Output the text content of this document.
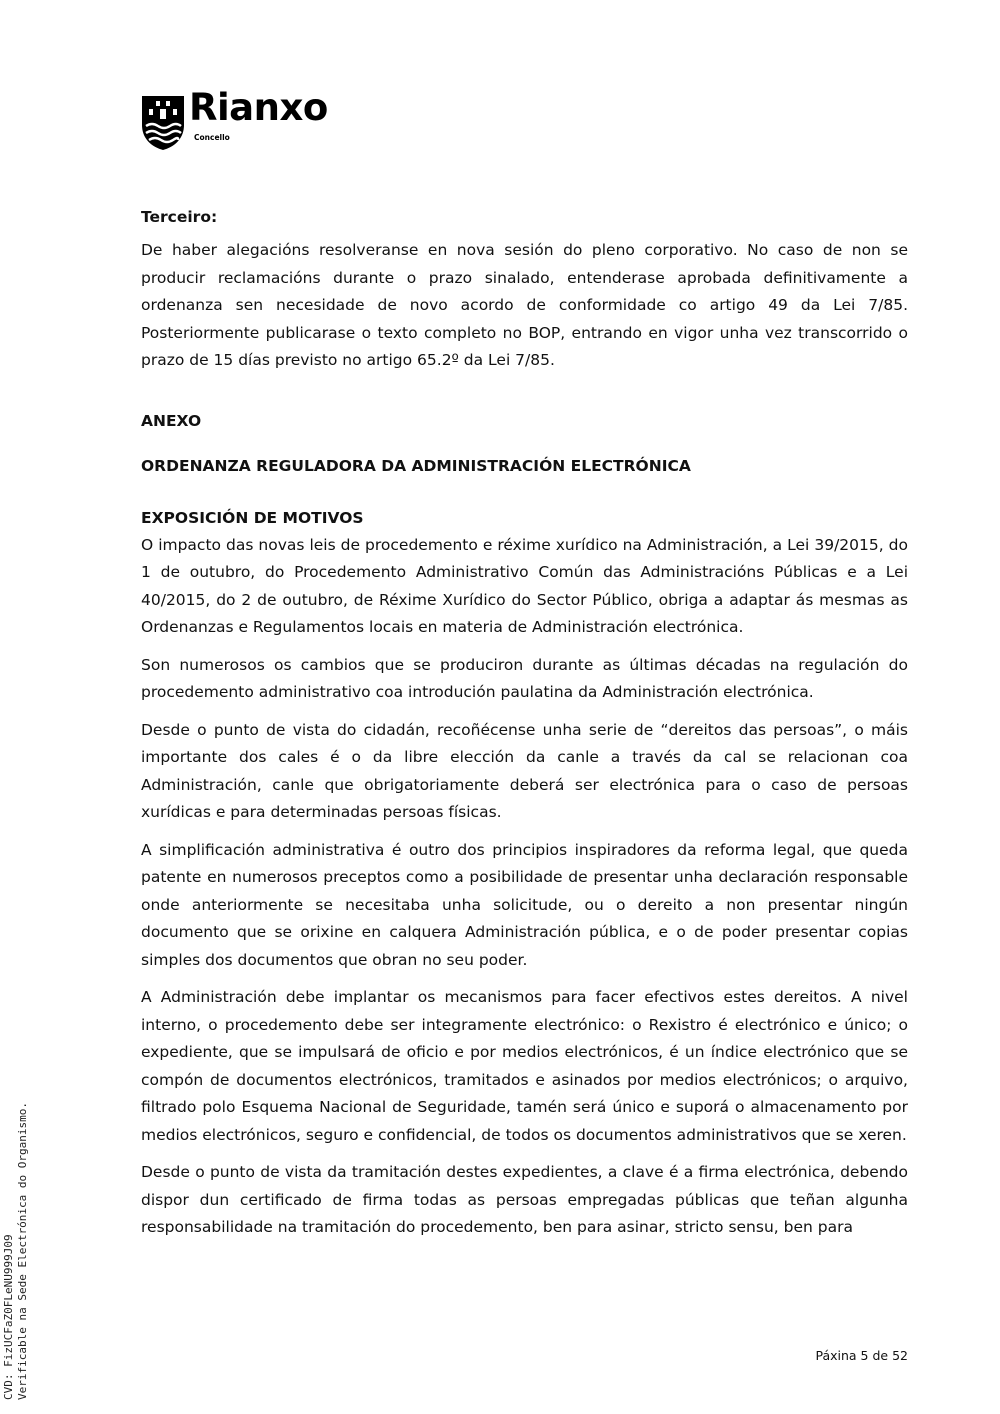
Rianxo
Concello

Terceiro:

De haber alegacións resolveranse en nova sesión do pleno corporativo. No caso de non se producir reclamacións durante o prazo sinalado, entenderase aprobada definitivamente a ordenanza sen necesidade de novo acordo de conformidade co artigo 49 da Lei 7/85. Posteriormente publicarase o texto completo no BOP, entrando en vigor unha vez transcorrido o prazo de 15 días previsto no artigo 65.2º da Lei 7/85.

ANEXO

ORDENANZA REGULADORA DA ADMINISTRACIÓN ELECTRÓNICA

EXPOSICIÓN DE MOTIVOS

O impacto das novas leis de procedemento e réxime xurídico na Administración, a Lei 39/2015, do 1 de outubro, do Procedemento Administrativo Común das Administracións Públicas e a Lei 40/2015, do 2 de outubro, de Réxime Xurídico do Sector Público, obriga a adaptar ás mesmas as Ordenanzas e Regulamentos locais en materia de Administración electrónica.

Son numerosos os cambios que se produciron durante as últimas décadas na regulación do procedemento administrativo coa introdución paulatina da Administración electrónica.

Desde o punto de vista do cidadán, recoñécense unha serie de “dereitos das persoas”, o máis importante dos cales é o da libre elección da canle a través da cal se relacionan coa Administración, canle que obrigatoriamente deberá ser electrónica para o caso de persoas xurídicas e para determinadas persoas físicas.

A simplificación administrativa é outro dos principios inspiradores da reforma legal, que queda patente en numerosos preceptos como a posibilidade de presentar unha declaración responsable onde anteriormente se necesitaba unha solicitude, ou o dereito a non presentar ningún documento que se orixine en calquera Administración pública, e o de poder presentar copias simples dos documentos que obran no seu poder.

A Administración debe implantar os mecanismos para facer efectivos estes dereitos. A nivel interno, o procedemento debe ser integramente electrónico: o Rexistro é electrónico e único; o expediente, que se impulsará de oficio e por medios electrónicos, é un índice electrónico que se compón de documentos electrónicos, tramitados e asinados por medios electrónicos; o arquivo, filtrado polo Esquema Nacional de Seguridade, tamén será único e suporá o almacenamento por medios electrónicos, seguro e confidencial, de todos os documentos administrativos que se xeren.

Desde o punto de vista da tramitación destes expedientes, a clave é a firma electrónica, debendo dispor dun certificado de firma todas as persoas empregadas públicas que teñan algunha responsabilidade na tramitación do procedemento, ben para asinar, stricto sensu, ben para

Páxina 5 de 52
CVD: FizUCFaZ0FLeNU999J09 Verificable na Sede Electrónica do Organismo.
